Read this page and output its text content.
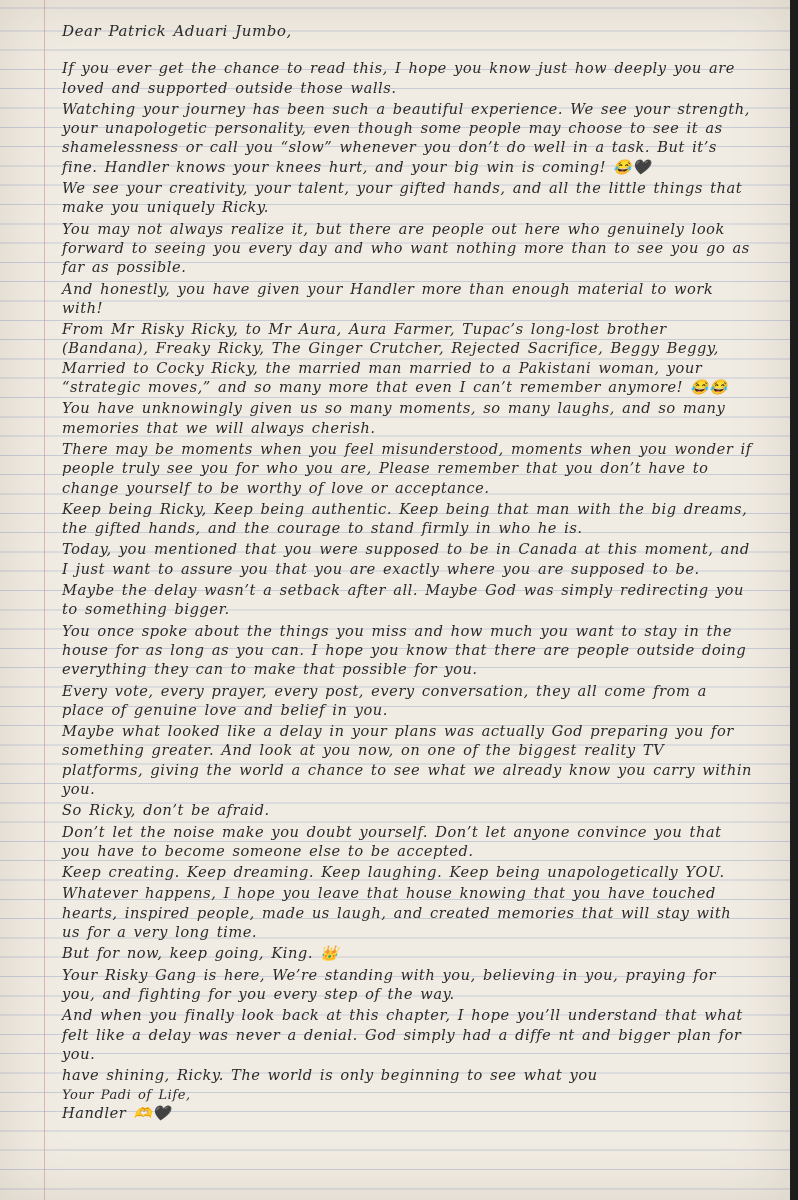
Dear Patrick Aduari Jumbo,

If you ever get the chance to read this, I hope you know just how deeply you are loved and supported outside those walls.

Watching your journey has been such a beautiful experience. We see your strength, your unapologetic personality, even though some people may choose to see it as shamelessness or call you “slow” whenever you don’t do well in a task. But it’s fine. Handler knows your knees hurt, and your big win is coming! 😂🖤

We see your creativity, your talent, your gifted hands, and all the little things that make you uniquely Ricky.

You may not always realize it, but there are people out here who genuinely look forward to seeing you every day and who want nothing more than to see you go as far as possible.

And honestly, you have given your Handler more than enough material to work with!

From Mr Risky Ricky, to Mr Aura, Aura Farmer, Tupac’s long-lost brother (Bandana), Freaky Ricky, The Ginger Crutcher, Rejected Sacrifice, Beggy Beggy, Married to Cocky Ricky, the married man married to a Pakistani woman, your “strategic moves,” and so many more that even I can’t remember anymore! 😂😂

You have unknowingly given us so many moments, so many laughs, and so many memories that we will always cherish.

There may be moments when you feel misunderstood, moments when you wonder if people truly see you for who you are, Please remember that you don’t have to change yourself to be worthy of love or acceptance.

Keep being Ricky, Keep being authentic. Keep being that man with the big dreams, the gifted hands, and the courage to stand firmly in who he is.

Today, you mentioned that you were supposed to be in Canada at this moment, and I just want to assure you that you are exactly where you are supposed to be.

Maybe the delay wasn’t a setback after all. Maybe God was simply redirecting you to something bigger.

You once spoke about the things you miss and how much you want to stay in the house for as long as you can. I hope you know that there are people outside doing everything they can to make that possible for you.

Every vote, every prayer, every post, every conversation, they all come from a place of genuine love and belief in you.

Maybe what looked like a delay in your plans was actually God preparing you for something greater. And look at you now, on one of the biggest reality TV platforms, giving the world a chance to see what we already know you carry within you.

So Ricky, don’t be afraid.

Don’t let the noise make you doubt yourself. Don’t let anyone convince you that you have to become someone else to be accepted.

Keep creating. Keep dreaming. Keep laughing. Keep being unapologetically YOU.

Whatever happens, I hope you leave that house knowing that you have touched hearts, inspired people, made us laugh, and created memories that will stay with us for a very long time.

But for now, keep going, King. 👑

Your Risky Gang is here, We’re standing with you, believing in you, praying for you, and fighting for you every step of the way.

And when you finally look back at this chapter, I hope you’ll understand that what felt like a delay was never a denial. God simply had a diffe nt and bigger plan for you.

have shining, Ricky. The world is only beginning to see what you

Your Padi of Life,

Handler 🫶🖤
